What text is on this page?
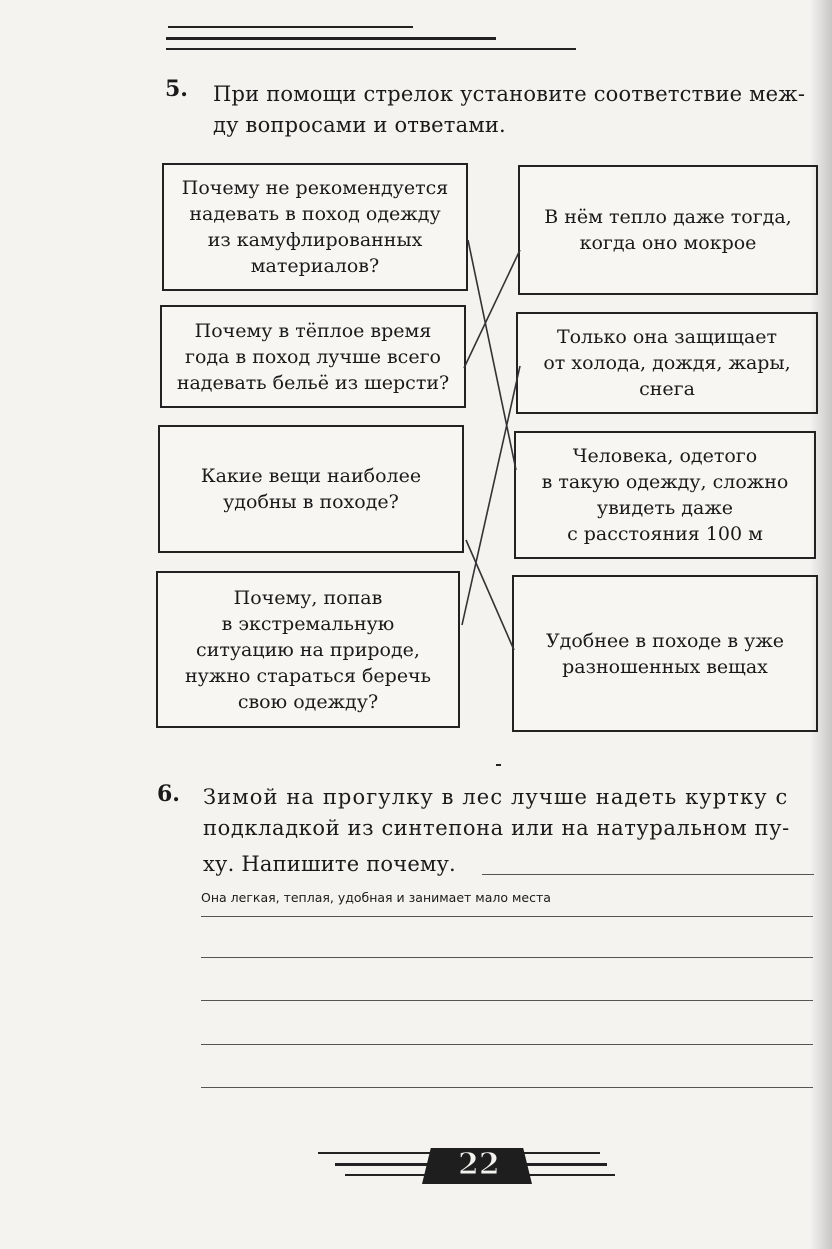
5. При помощи стрелок установите соответствие меж-
ду вопросами и ответами.
Почему не рекомендуется
надевать в поход одежду
из камуфлированных
материалов?
Почему в тёплое время
года в поход лучше всего
надевать бельё из шерсти?
Какие вещи наиболее
удобны в походе?
Почему, попав
в экстремальную
ситуацию на природе,
нужно стараться беречь
свою одежду?
В нём тепло даже тогда,
когда оно мокрое
Только она защищает
от холода, дождя, жары,
снега
Человека, одетого
в такую одежду, сложно
увидеть даже
с расстояния 100 м
Удобнее в походе в уже
разношенных вещах
6. Зимой на прогулку в лес лучше надеть куртку с
подкладкой из синтепона или на натуральном пу-
ху. Напишите почему.
Она легкая, теплая, удобная и занимает мало места
22
